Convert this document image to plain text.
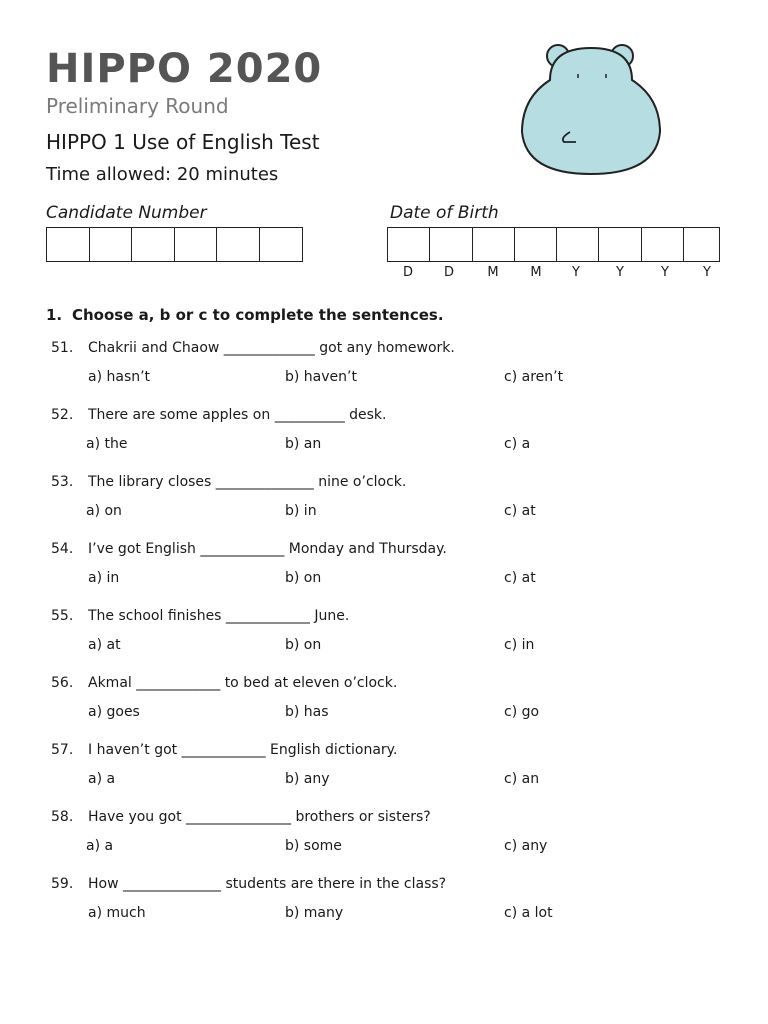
HIPPO 2020
Preliminary Round
HIPPO 1 Use of English Test
Time allowed: 20 minutes
Candidate Number	Date of Birth
D	D	M	M	Y	Y	Y	Y
1. Choose a, b or c to complete the sentences.
51. Chakrii and Chaow _____________ got any homework.
a) hasn’t	b) haven’t	c) aren’t
52. There are some apples on __________ desk.
a) the	b) an	c) a
53. The library closes ______________ nine o’clock.
a) on	b) in	c) at
54. I’ve got English ____________ Monday and Thursday.
a) in	b) on	c) at
55. The school finishes ____________ June.
a) at	b) on	c) in
56. Akmal ____________ to bed at eleven o’clock.
a) goes	b) has	c) go
57. I haven’t got ____________ English dictionary.
a) a	b) any	c) an
58. Have you got _______________ brothers or sisters?
a) a	b) some	c) any
59. How ______________ students are there in the class?
a) much	b) many	c) a lot
